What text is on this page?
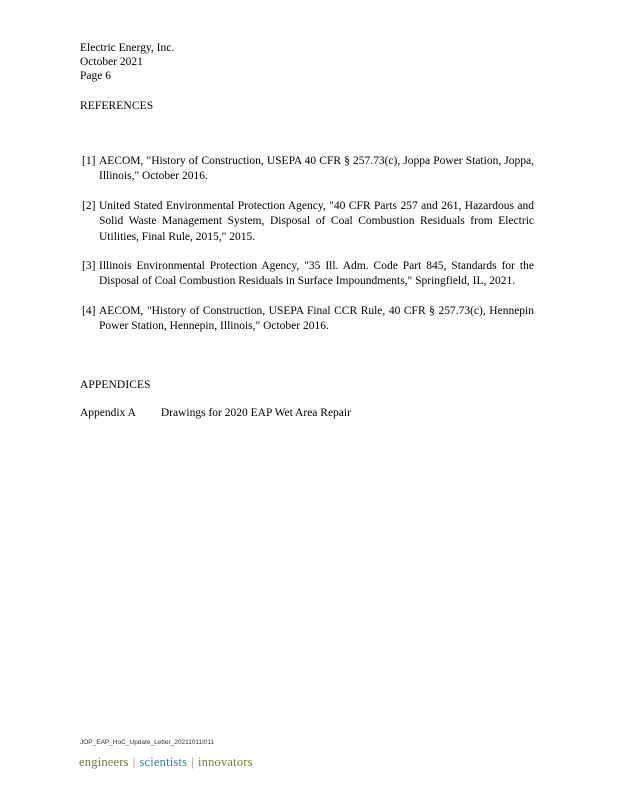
Electric Energy, Inc.
October 2021
Page 6
REFERENCES
[1] AECOM, "History of Construction, USEPA 40 CFR § 257.73(c), Joppa Power Station, Joppa, Illinois," October 2016.
[2] United Stated Environmental Protection Agency, "40 CFR Parts 257 and 261, Hazardous and Solid Waste Management System, Disposal of Coal Combustion Residuals from Electric Utilities, Final Rule, 2015," 2015.
[3] Illinois Environmental Protection Agency, "35 Ill. Adm. Code Part 845, Standards for the Disposal of Coal Combustion Residuals in Surface Impoundments," Springfield, IL, 2021.
[4] AECOM, "History of Construction, USEPA Final CCR Rule, 40 CFR § 257.73(c), Hennepin Power Station, Hennepin, Illinois," October 2016.
APPENDICES
Appendix A Drawings for 2020 EAP Wet Area Repair
JOP_EAP_HoC_Update_Letter_20211011l011
engineers | scientists | innovators
